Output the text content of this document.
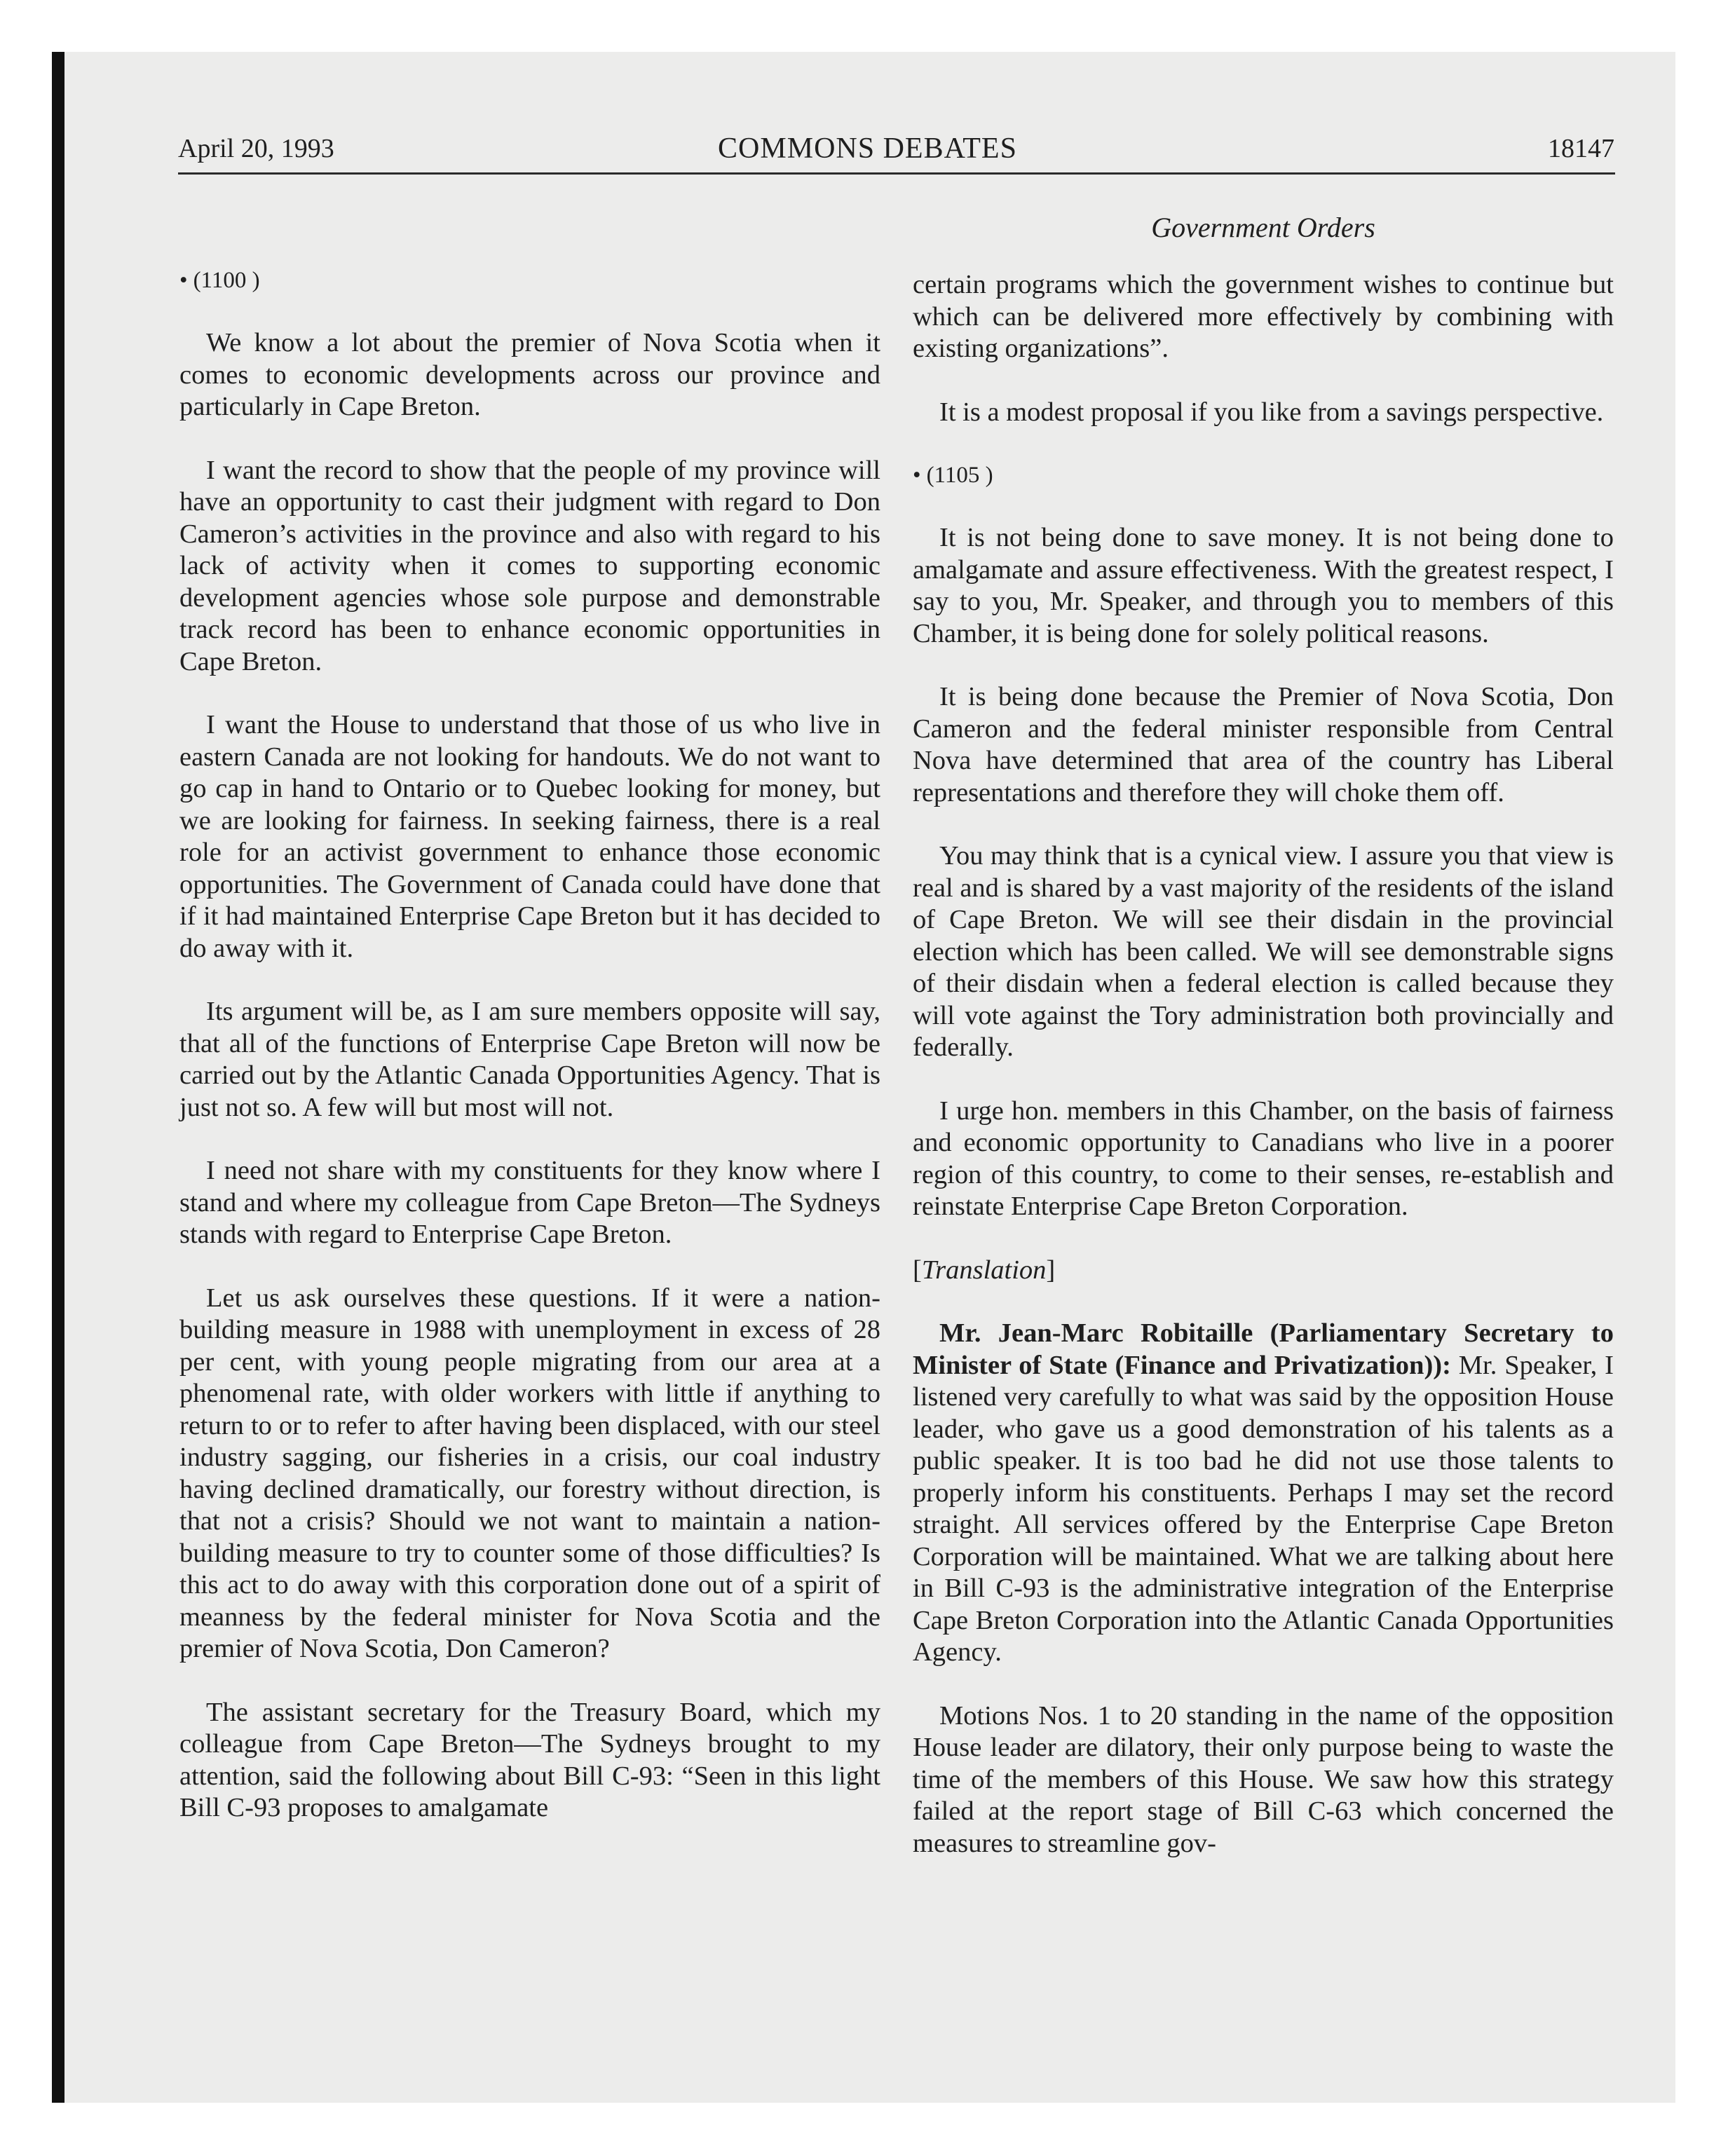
April 20, 1993	COMMONS DEBATES	18147
Government Orders
• (1100 )

We know a lot about the premier of Nova Scotia when it comes to economic developments across our province and particularly in Cape Breton.

I want the record to show that the people of my province will have an opportunity to cast their judgment with regard to Don Cameron’s activities in the province and also with regard to his lack of activity when it comes to supporting economic development agencies whose sole purpose and demonstrable track record has been to enhance economic opportunities in Cape Breton.

I want the House to understand that those of us who live in eastern Canada are not looking for handouts. We do not want to go cap in hand to Ontario or to Quebec looking for money, but we are looking for fairness. In seeking fairness, there is a real role for an activist government to enhance those economic opportunities. The Government of Canada could have done that if it had maintained Enterprise Cape Breton but it has decided to do away with it.

Its argument will be, as I am sure members opposite will say, that all of the functions of Enterprise Cape Breton will now be carried out by the Atlantic Canada Opportunities Agency. That is just not so. A few will but most will not.

I need not share with my constituents for they know where I stand and where my colleague from Cape Breton—The Sydneys stands with regard to Enterprise Cape Breton.

Let us ask ourselves these questions. If it were a nation-building measure in 1988 with unemployment in excess of 28 per cent, with young people migrating from our area at a phenomenal rate, with older workers with little if anything to return to or to refer to after having been displaced, with our steel industry sagging, our fisheries in a crisis, our coal industry having declined dramatically, our forestry without direction, is that not a crisis? Should we not want to maintain a nation-building measure to try to counter some of those difficulties? Is this act to do away with this corporation done out of a spirit of meanness by the federal minister for Nova Scotia and the premier of Nova Scotia, Don Cameron?

The assistant secretary for the Treasury Board, which my colleague from Cape Breton—The Sydneys brought to my attention, said the following about Bill C-93: “Seen in this light Bill C-93 proposes to amalgamate

certain programs which the government wishes to continue but which can be delivered more effectively by combining with existing organizations”.

It is a modest proposal if you like from a savings perspective.

• (1105 )

It is not being done to save money. It is not being done to amalgamate and assure effectiveness. With the greatest respect, I say to you, Mr. Speaker, and through you to members of this Chamber, it is being done for solely political reasons.

It is being done because the Premier of Nova Scotia, Don Cameron and the federal minister responsible from Central Nova have determined that area of the country has Liberal representations and therefore they will choke them off.

You may think that is a cynical view. I assure you that view is real and is shared by a vast majority of the residents of the island of Cape Breton. We will see their disdain in the provincial election which has been called. We will see demonstrable signs of their disdain when a federal election is called because they will vote against the Tory administration both provincially and federally.

I urge hon. members in this Chamber, on the basis of fairness and economic opportunity to Canadians who live in a poorer region of this country, to come to their senses, re-establish and reinstate Enterprise Cape Breton Corporation.

[Translation]

Mr. Jean-Marc Robitaille (Parliamentary Secretary to Minister of State (Finance and Privatization)): Mr. Speaker, I listened very carefully to what was said by the opposition House leader, who gave us a good demonstration of his talents as a public speaker. It is too bad he did not use those talents to properly inform his constituents. Perhaps I may set the record straight. All services offered by the Enterprise Cape Breton Corporation will be maintained. What we are talking about here in Bill C-93 is the administrative integration of the Enterprise Cape Breton Corporation into the Atlantic Canada Opportunities Agency.

Motions Nos. 1 to 20 standing in the name of the opposition House leader are dilatory, their only purpose being to waste the time of the members of this House. We saw how this strategy failed at the report stage of Bill C-63 which concerned the measures to streamline gov-
